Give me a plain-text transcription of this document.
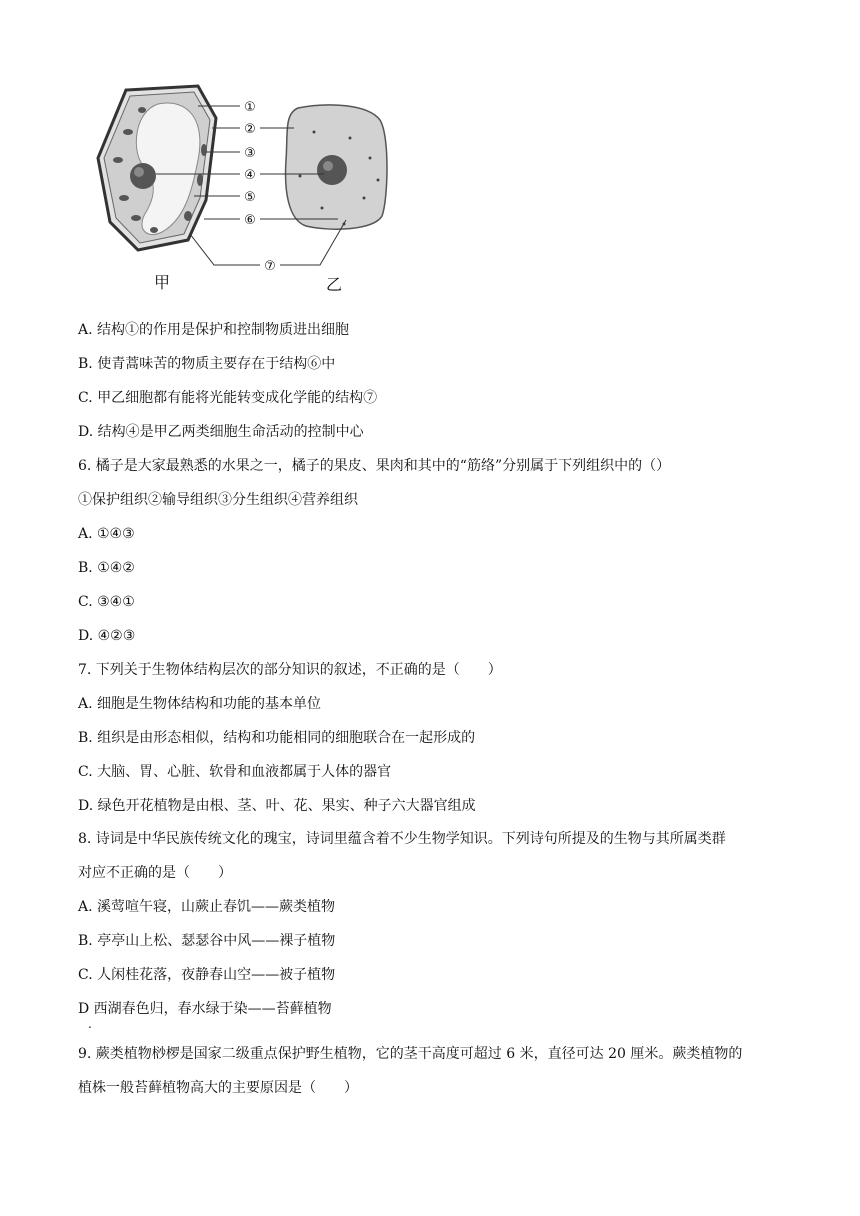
①
②
③
④
⑤
⑥
⑦
甲	乙
A. 结构①的作用是保护和控制物质进出细胞
B. 使青蒿味苦的物质主要存在于结构⑥中
C. 甲乙细胞都有能将光能转变成化学能的结构⑦
D. 结构④是甲乙两类细胞生命活动的控制中心
6. 橘子是大家最熟悉的水果之一，橘子的果皮、果肉和其中的“筋络”分别属于下列组织中的（）
①保护组织②输导组织③分生组织④营养组织
A. ①④③
B. ①④②
C. ③④①
D. ④②③
7. 下列关于生物体结构层次的部分知识的叙述，不正确的是（　　）
A. 细胞是生物体结构和功能的基本单位
B. 组织是由形态相似，结构和功能相同的细胞联合在一起形成的
C. 大脑、胃、心脏、软骨和血液都属于人体的器官
D. 绿色开花植物是由根、茎、叶、花、果实、种子六大器官组成
8. 诗词是中华民族传统文化的瑰宝，诗词里蕴含着不少生物学知识。下列诗句所提及的生物与其所属类群
对应不正确的是（　　）
A. 溪莺喧午寝，山蕨止春饥——蕨类植物
B. 亭亭山上松、瑟瑟谷中风——裸子植物
C. 人闲桂花落，夜静春山空——被子植物
D 西湖春色归，春水绿于染——苔藓植物
.
9. 蕨类植物桫椤是国家二级重点保护野生植物，它的茎干高度可超过 6 米，直径可达 20 厘米。蕨类植物的
植株一般苔藓植物高大的主要原因是（　　）
